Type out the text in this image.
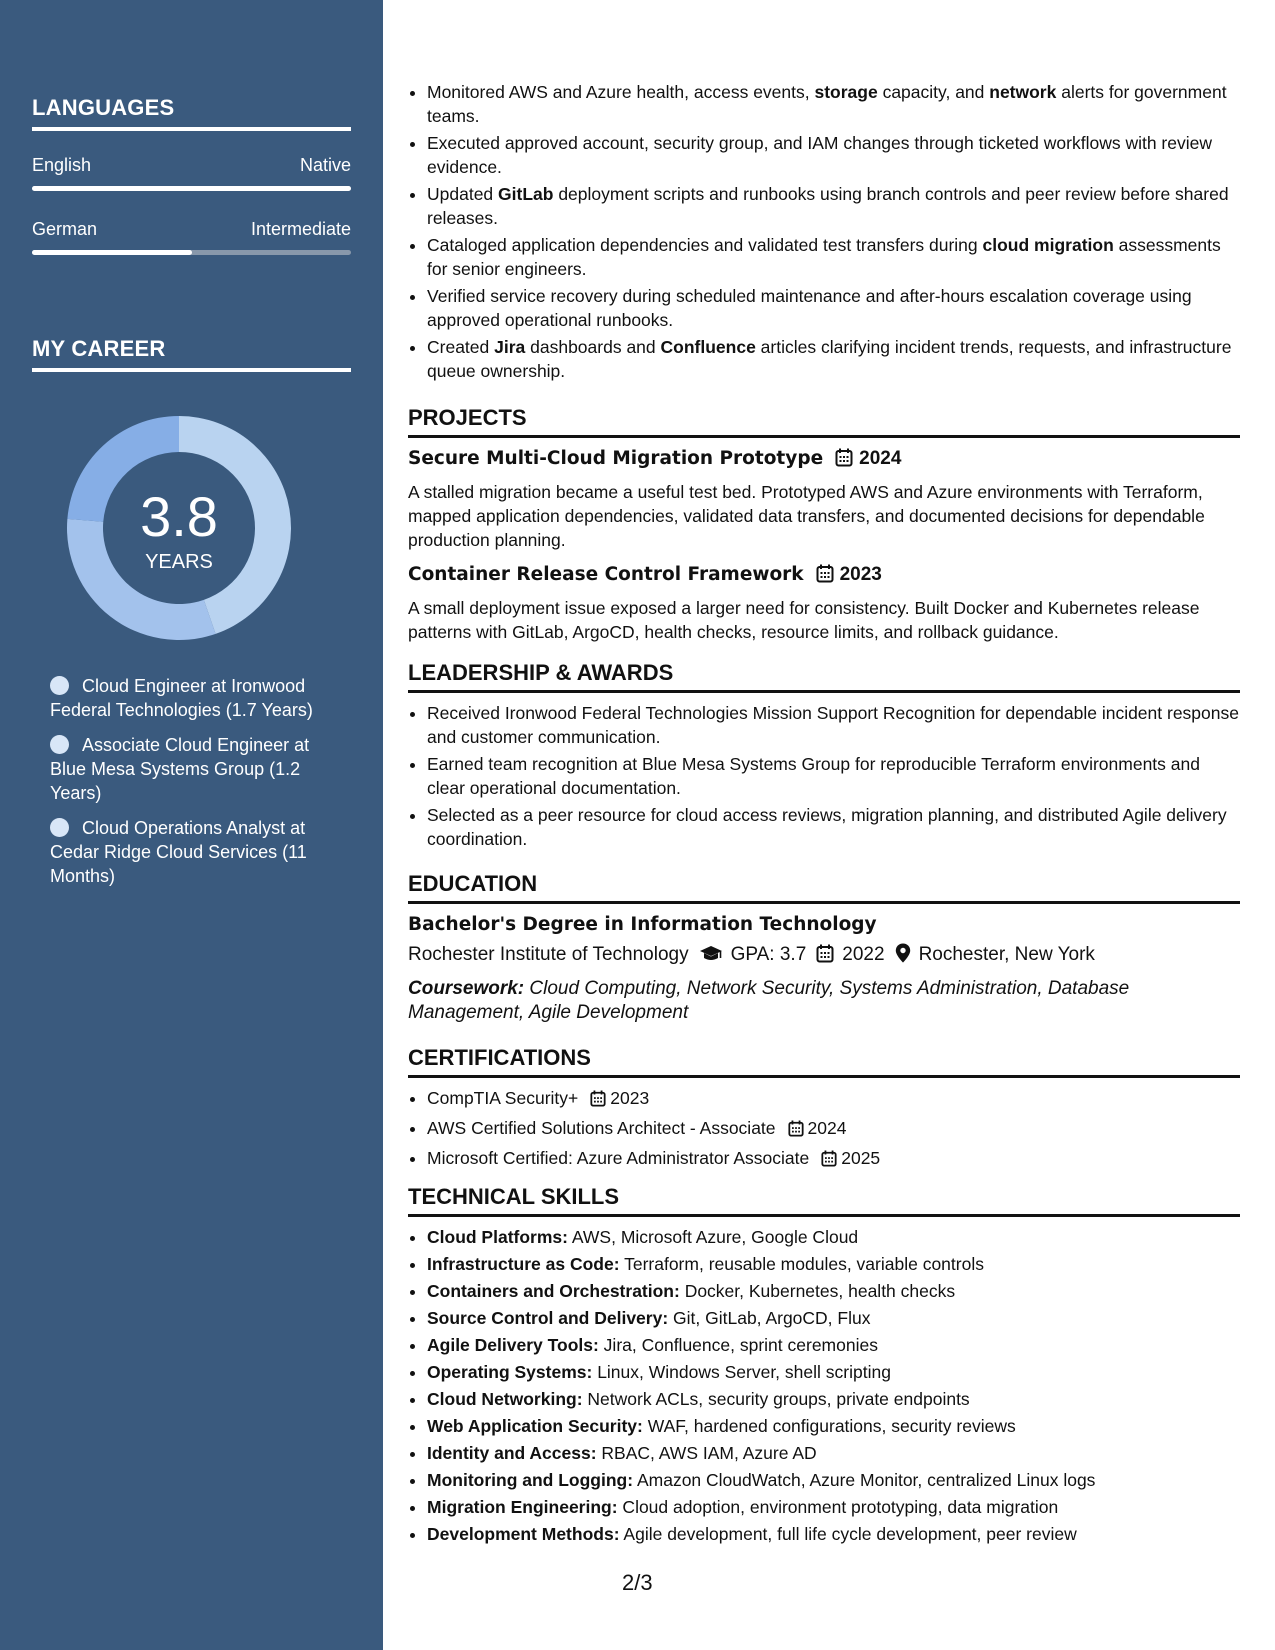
LANGUAGES
English	Native
German	Intermediate
MY CAREER
3.8
YEARS
Cloud Engineer at Ironwood Federal Technologies (1.7 Years)
Associate Cloud Engineer at Blue Mesa Systems Group (1.2 Years)
Cloud Operations Analyst at Cedar Ridge Cloud Services (11 Months)
• Monitored AWS and Azure health, access events, storage capacity, and network alerts for government teams.
• Executed approved account, security group, and IAM changes through ticketed workflows with review evidence.
• Updated GitLab deployment scripts and runbooks using branch controls and peer review before shared releases.
• Cataloged application dependencies and validated test transfers during cloud migration assessments for senior engineers.
• Verified service recovery during scheduled maintenance and after-hours escalation coverage using approved operational runbooks.
• Created Jira dashboards and Confluence articles clarifying incident trends, requests, and infrastructure queue ownership.
PROJECTS
Secure Multi-Cloud Migration Prototype 2024
A stalled migration became a useful test bed. Prototyped AWS and Azure environments with Terraform, mapped application dependencies, validated data transfers, and documented decisions for dependable production planning.
Container Release Control Framework 2023
A small deployment issue exposed a larger need for consistency. Built Docker and Kubernetes release patterns with GitLab, ArgoCD, health checks, resource limits, and rollback guidance.
LEADERSHIP & AWARDS
• Received Ironwood Federal Technologies Mission Support Recognition for dependable incident response and customer communication.
• Earned team recognition at Blue Mesa Systems Group for reproducible Terraform environments and clear operational documentation.
• Selected as a peer resource for cloud access reviews, migration planning, and distributed Agile delivery coordination.
EDUCATION
Bachelor's Degree in Information Technology
Rochester Institute of Technology GPA: 3.7 2022 Rochester, New York
Coursework: Cloud Computing, Network Security, Systems Administration, Database Management, Agile Development
CERTIFICATIONS
• CompTIA Security+ 2023
• AWS Certified Solutions Architect - Associate 2024
• Microsoft Certified: Azure Administrator Associate 2025
TECHNICAL SKILLS
• Cloud Platforms: AWS, Microsoft Azure, Google Cloud
• Infrastructure as Code: Terraform, reusable modules, variable controls
• Containers and Orchestration: Docker, Kubernetes, health checks
• Source Control and Delivery: Git, GitLab, ArgoCD, Flux
• Agile Delivery Tools: Jira, Confluence, sprint ceremonies
• Operating Systems: Linux, Windows Server, shell scripting
• Cloud Networking: Network ACLs, security groups, private endpoints
• Web Application Security: WAF, hardened configurations, security reviews
• Identity and Access: RBAC, AWS IAM, Azure AD
• Monitoring and Logging: Amazon CloudWatch, Azure Monitor, centralized Linux logs
• Migration Engineering: Cloud adoption, environment prototyping, data migration
• Development Methods: Agile development, full life cycle development, peer review
2/3
